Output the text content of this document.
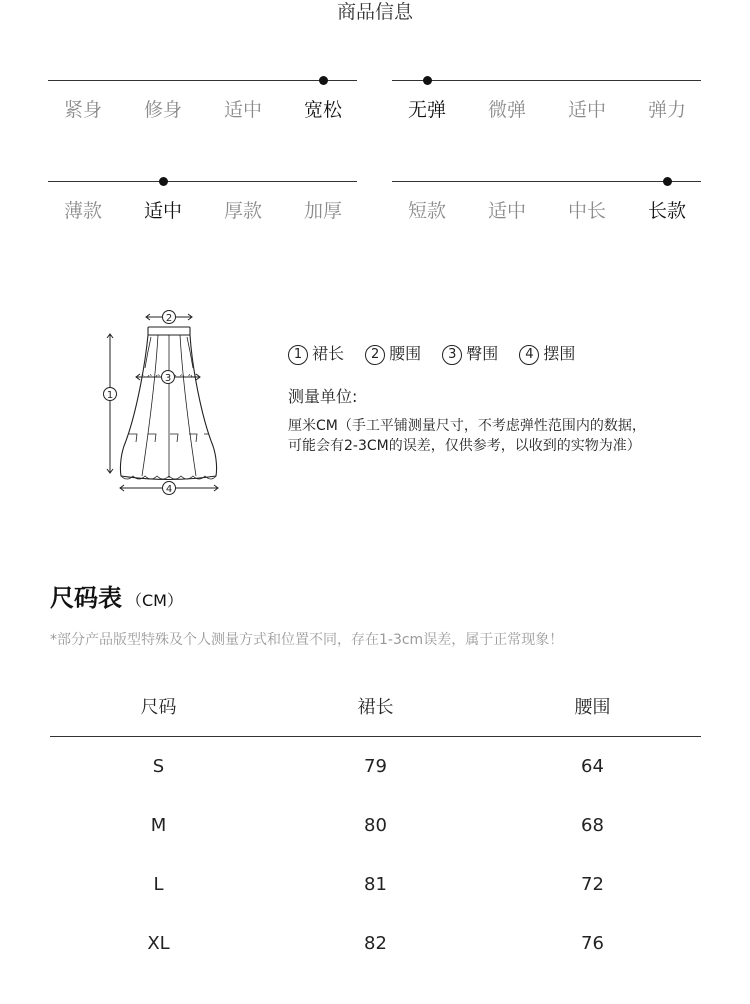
商品信息
紧身	修身	适中	宽松	无弹	微弹	适中	弹力
薄款	适中	厚款	加厚	短款	适中	中长	长款
2
1
3
4
1 裙长 2 腰围 3 臀围 4 摆围
测量单位:
厘米CM（手工平铺测量尺寸，不考虑弹性范围内的数据，
可能会有2-3CM的误差，仅供参考，以收到的实物为准）
尺码表 （CM）
*部分产品版型特殊及个人测量方式和位置不同，存在1-3cm误差，属于正常现象！
尺码	裙长	腰围
S	79	64
M	80	68
L	81	72
XL	82	76
